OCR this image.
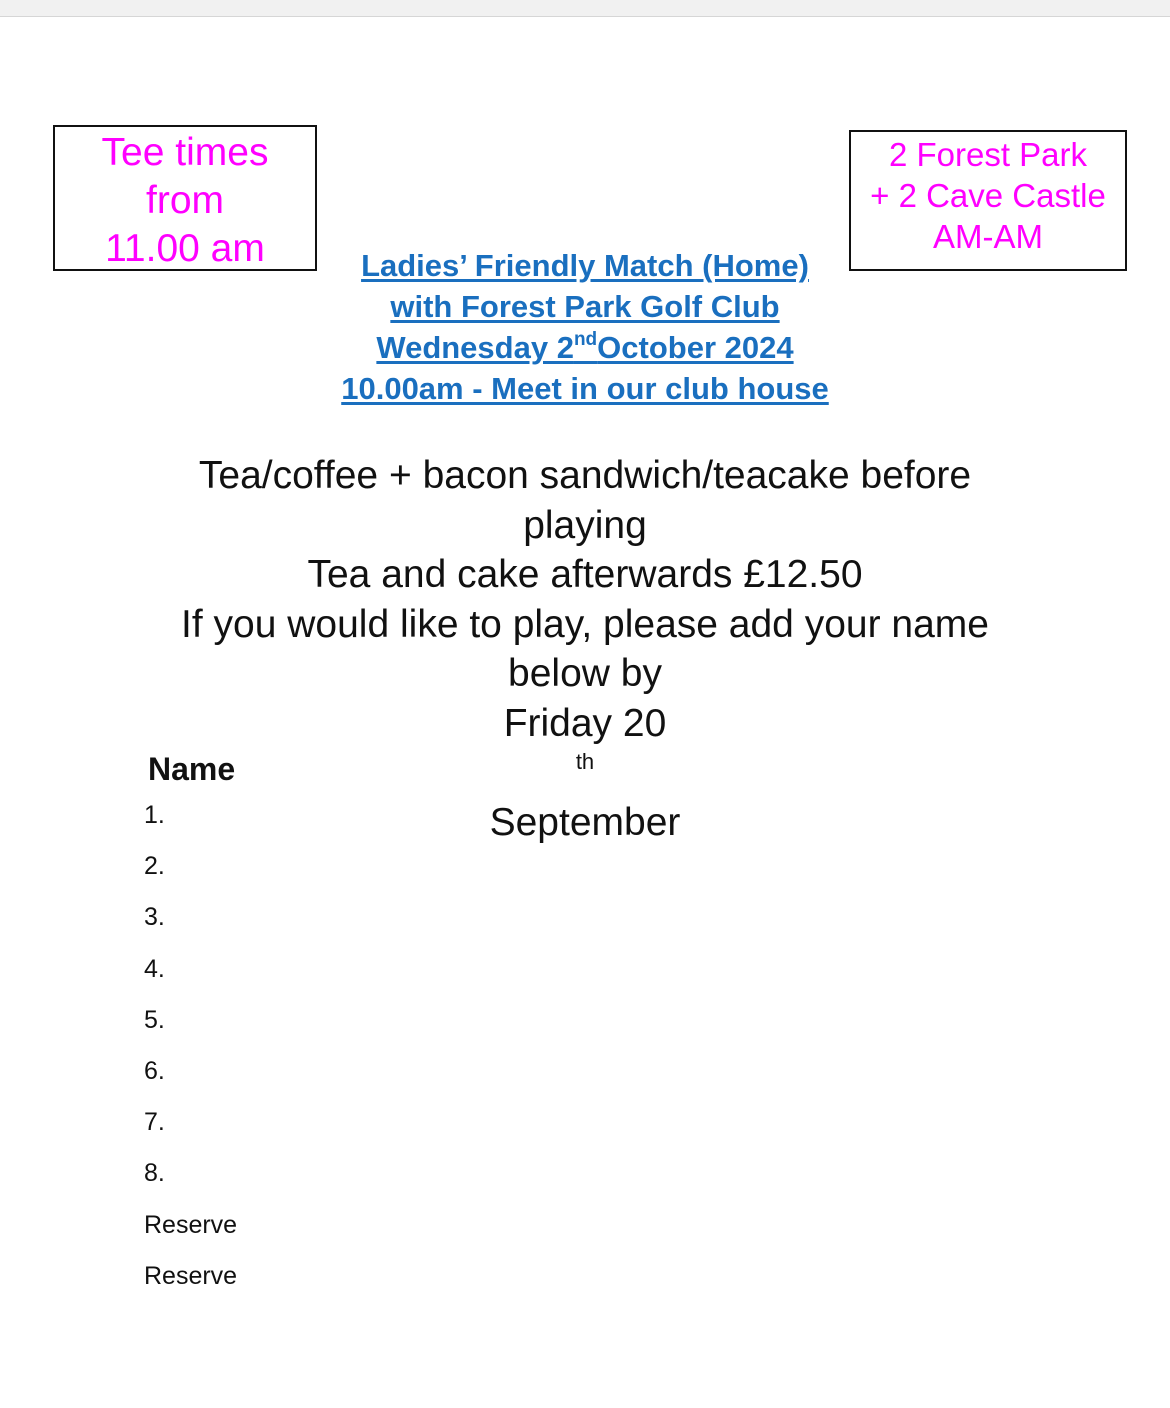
Tee times
from
11.00 am
2 Forest Park
+ 2 Cave Castle
AM-AM
Ladies’ Friendly Match (Home)
with Forest Park Golf Club
Wednesday 2ndOctober 2024
10.00am - Meet in our club house
Tea/coffee + bacon sandwich/teacake before
playing
Tea and cake afterwards £12.50
If you would like to play, please add your name
below by
Friday 20
$^{th}$
September
Name
1.
2.
3.
4.
5.
6.
7.
8.
Reserve
Reserve
